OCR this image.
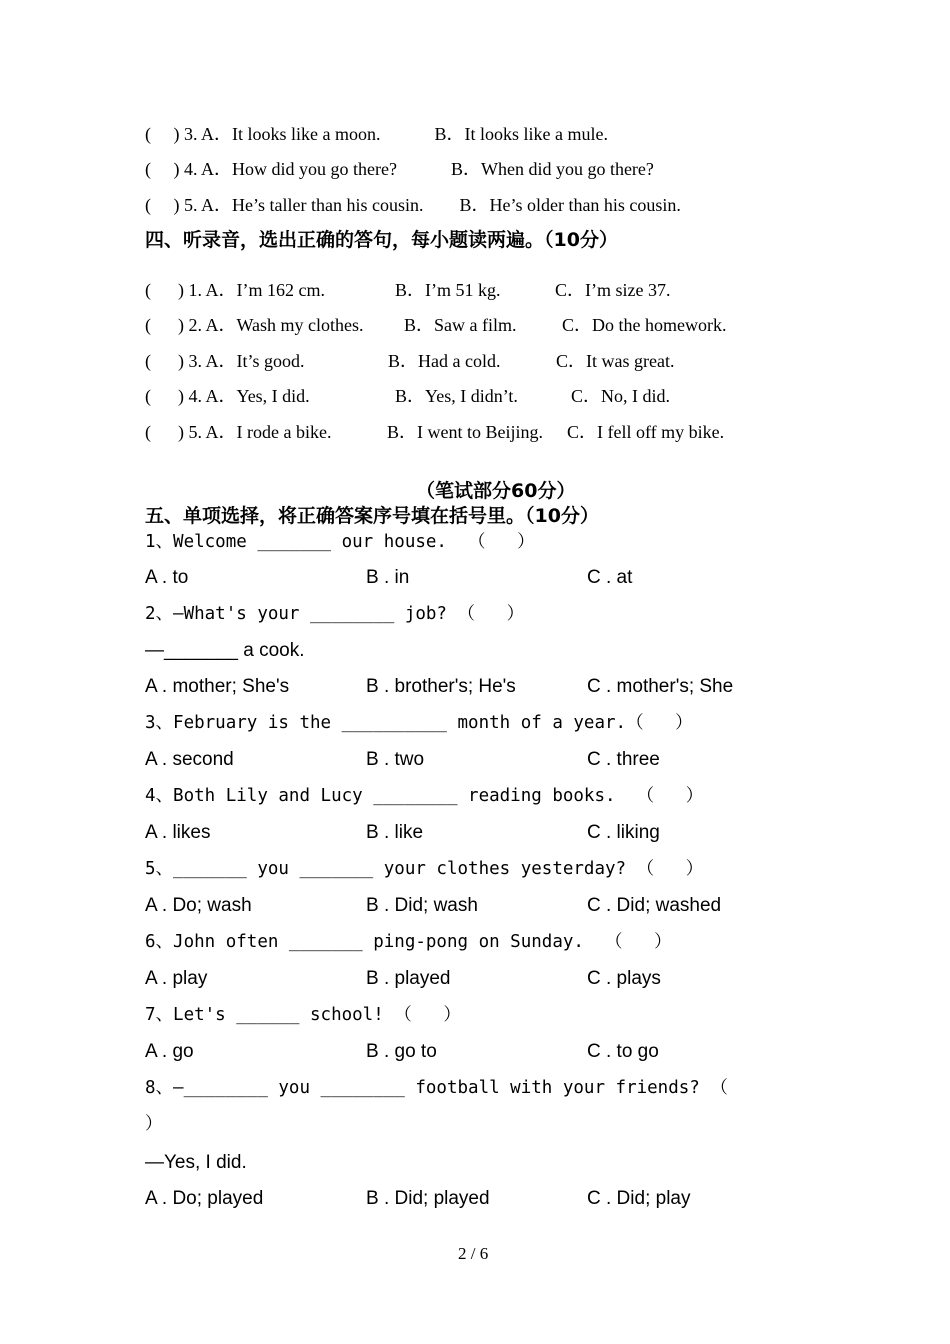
(　 ) 3. A．It looks like a moon.　　　B．It looks like a mule.
(　 ) 4. A．How did you go there?　　　B．When did you go there?
(　 ) 5. A．He’s taller than his cousin.　　B．He’s older than his cousin.
四、听录音，选出正确的答句，每小题读两遍。（10分）
(　  ) 1. A．I’m 162 cm.	B．I’m 51 kg.	C．I’m size 37.
(　  ) 2. A．Wash my clothes. B．Saw a film.	C．Do the homework.
(　  ) 3. A．It’s good.	B．Had a cold.	C．It was great.
(　  ) 4. A．Yes, I did.	B．Yes, I didn’t.	C．No, I did.
(　  ) 5. A．I rode a bike.	B．I went to Beijing. C．I fell off my bike.
（笔试部分60分）
五、单项选择，将正确答案序号填在括号里。（10分）
1、Welcome _______ our house.  （   ）
A . to	B . in	C . at
2、—What's your ________ job? （   ）
—_______ a cook.
A . mother; She's	B . brother's; He's	C . mother's; She
3、February is the __________ month of a year.（   ）
A . second	B . two	C . three
4、Both Lily and Lucy ________ reading books.  （   ）
A . likes	B . like	C . liking
5、_______ you _______ your clothes yesterday? （   ）
A . Do; wash	B . Did; wash	C . Did; washed
6、John often _______ ping-pong on Sunday.  （   ）
A . play	B . played	C . plays
7、Let's ______ school! （   ）
A . go	B . go to	C . to go
8、—________ you ________ football with your friends? （
）
—Yes, I did.
A . Do; played	B . Did; played	C . Did; play
2 / 6
